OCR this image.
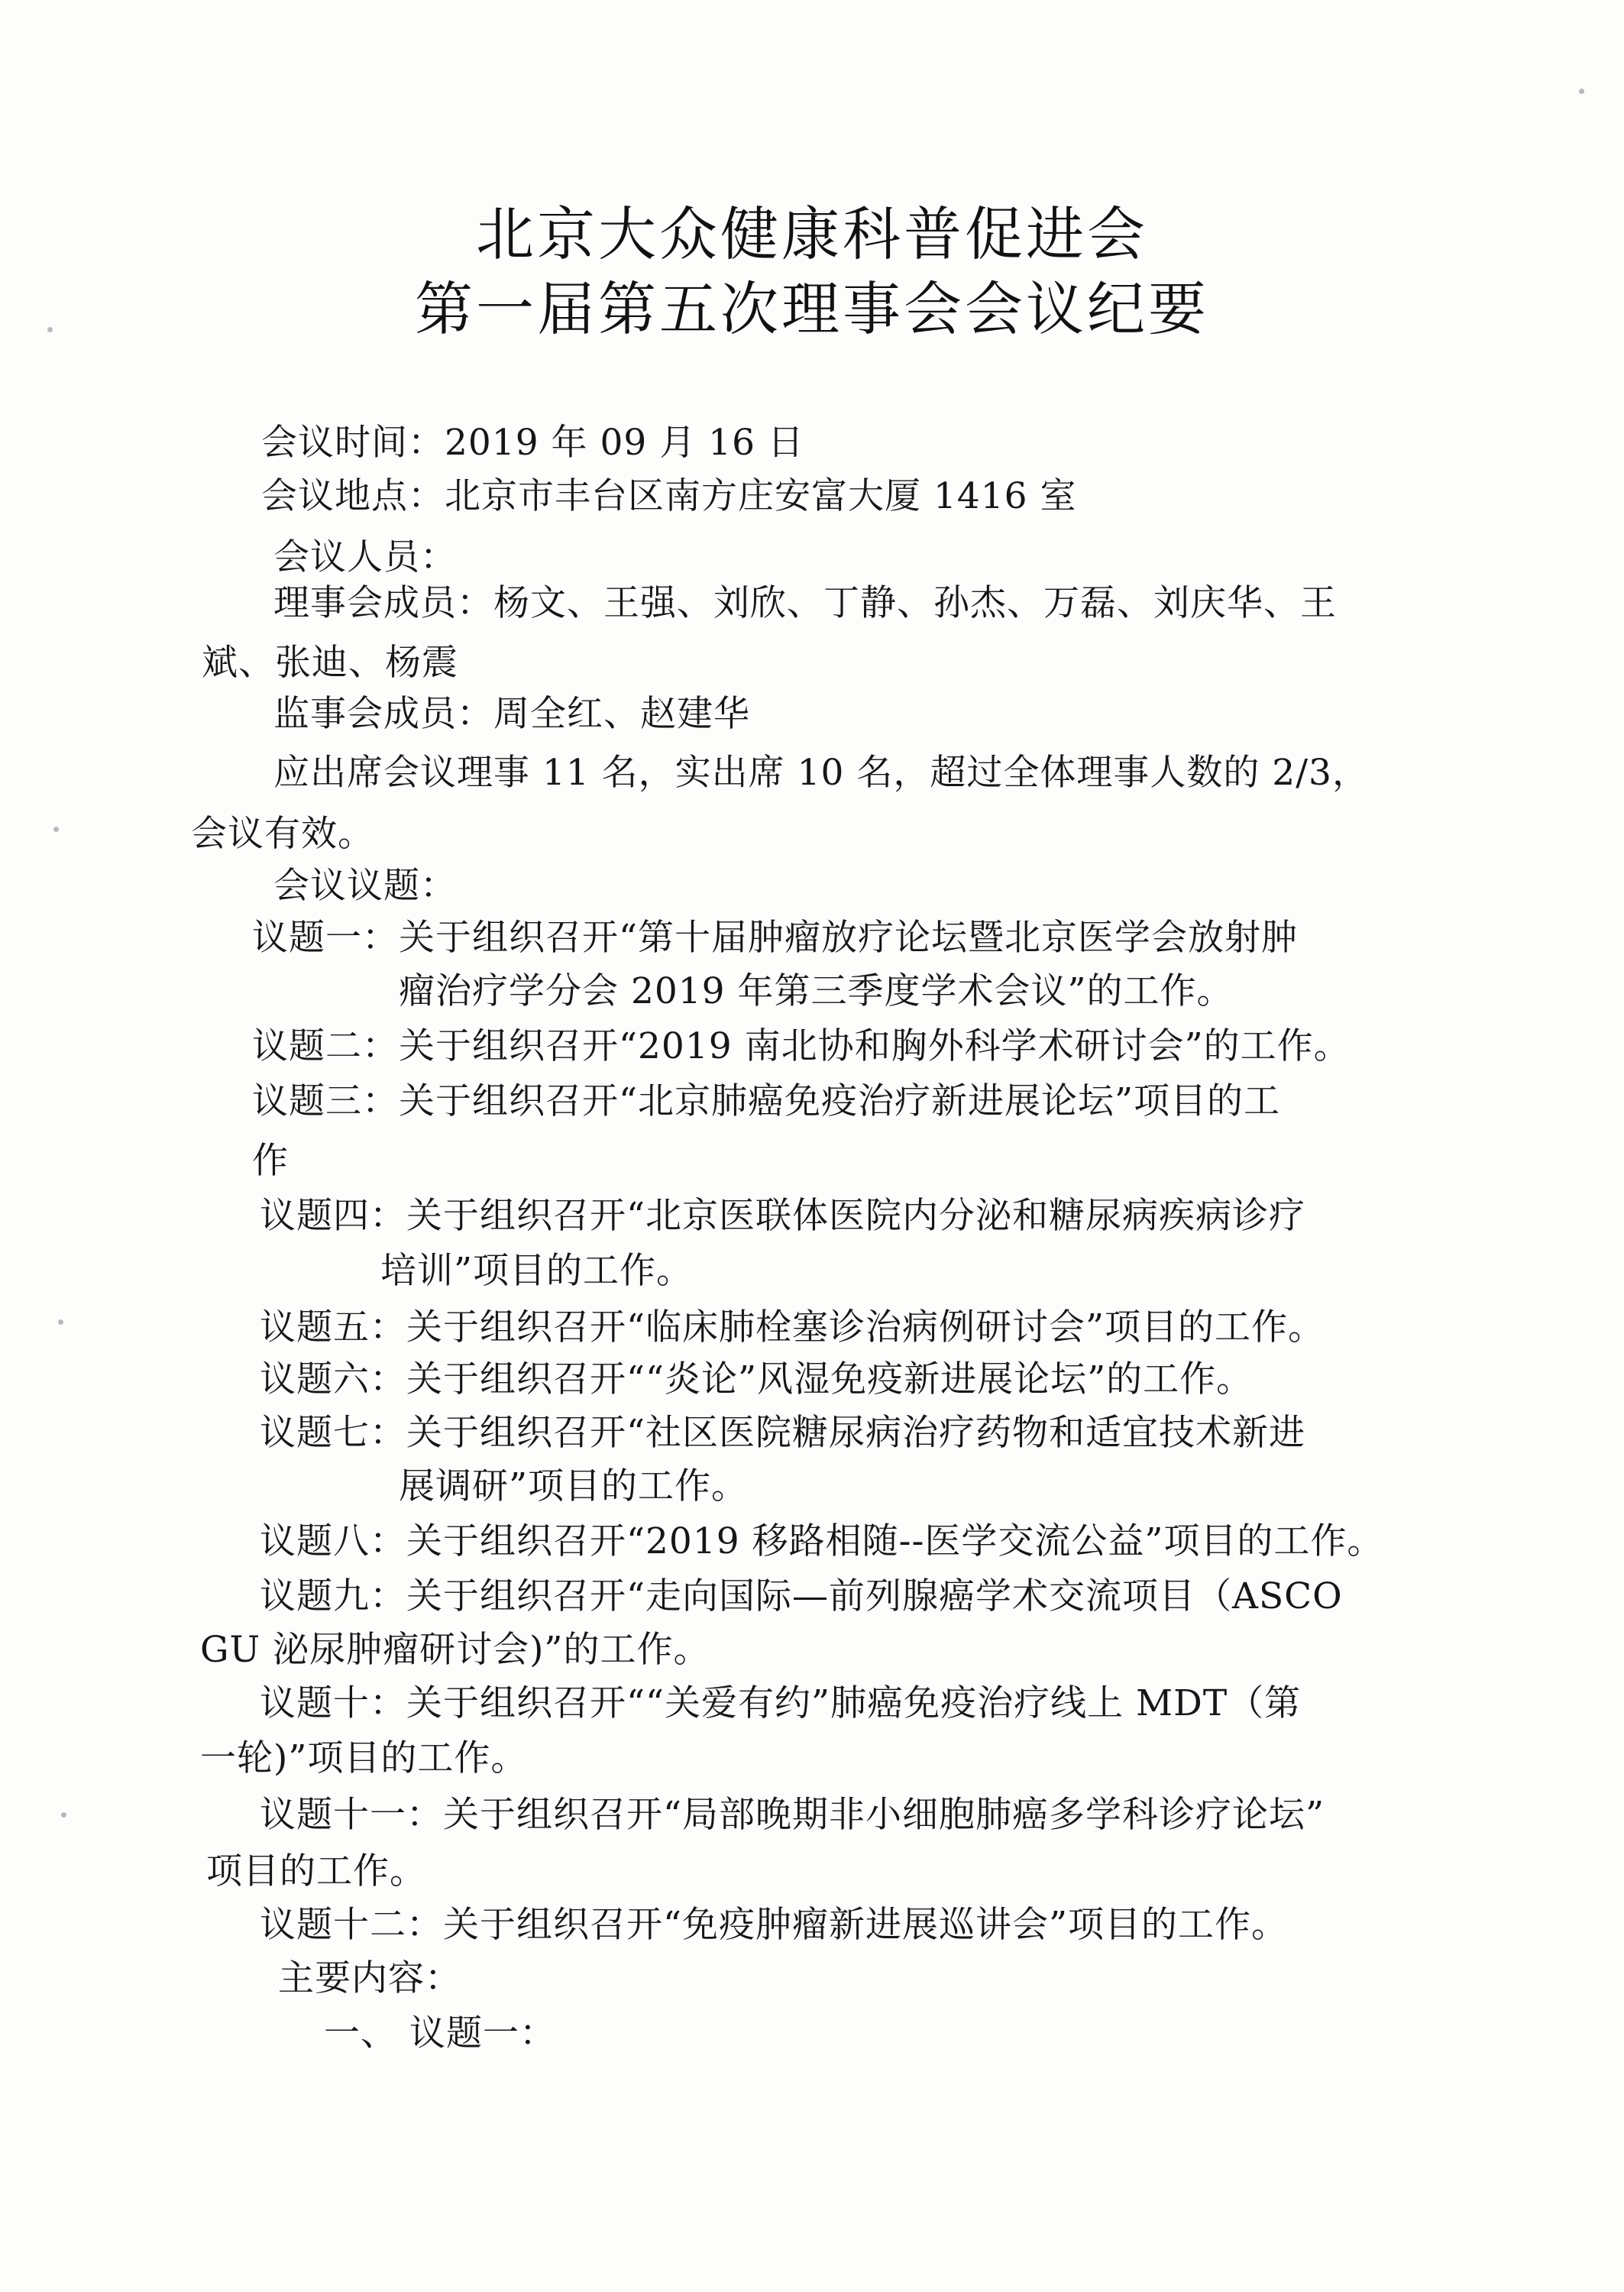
北京大众健康科普促进会
第一届第五次理事会会议纪要
会议时间：2019 年 09 月 16 日
会议地点：北京市丰台区南方庄安富大厦 1416 室
会议人员：
理事会成员：杨文、王强、刘欣、丁静、孙杰、万磊、刘庆华、王
斌、张迪、杨震
监事会成员：周全红、赵建华
应出席会议理事 11 名，实出席 10 名，超过全体理事人数的 2/3，
会议有效。
会议议题：
议题一：关于组织召开“第十届肿瘤放疗论坛暨北京医学会放射肿
瘤治疗学分会 2019 年第三季度学术会议”的工作。
议题二：关于组织召开“2019 南北协和胸外科学术研讨会”的工作。
议题三：关于组织召开“北京肺癌免疫治疗新进展论坛”项目的工
作
议题四：关于组织召开“北京医联体医院内分泌和糖尿病疾病诊疗
培训”项目的工作。
议题五：关于组织召开“临床肺栓塞诊治病例研讨会”项目的工作。
议题六：关于组织召开““炎论”风湿免疫新进展论坛”的工作。
议题七：关于组织召开“社区医院糖尿病治疗药物和适宜技术新进
展调研”项目的工作。
议题八：关于组织召开“2019 移路相随--医学交流公益”项目的工作。
议题九：关于组织召开“走向国际—前列腺癌学术交流项目（ASCO
GU 泌尿肿瘤研讨会)”的工作。
议题十：关于组织召开““关爱有约”肺癌免疫治疗线上 MDT（第
一轮)”项目的工作。
议题十一：关于组织召开“局部晚期非小细胞肺癌多学科诊疗论坛”
项目的工作。
议题十二：关于组织召开“免疫肿瘤新进展巡讲会”项目的工作。
主要内容：
一、 议题一：
